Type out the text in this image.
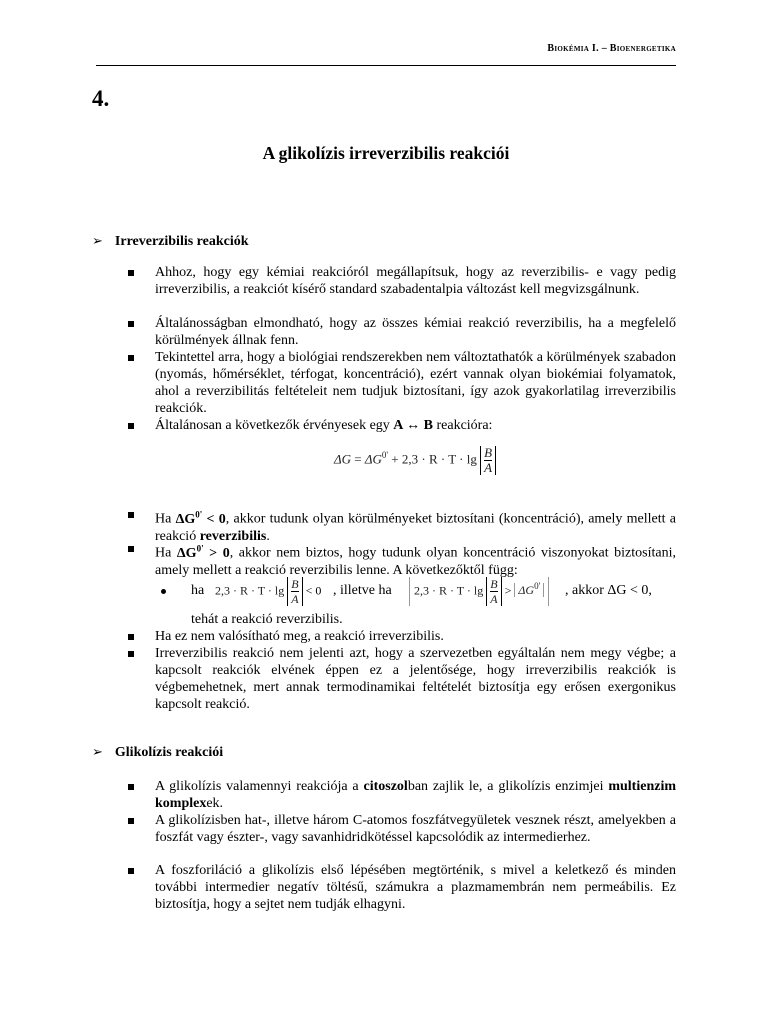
Biokémia I. – Bioenergetika
4.
A glikolízis irreverzibilis reakciói
➢ Irreverzibilis reakciók

Ahhoz, hogy egy kémiai reakcióról megállapítsuk, hogy az reverzibilis- e vagy pedig irreverzibilis, a reakciót kísérő standard szabadentalpia változást kell megvizsgálnunk.

Általánosságban elmondható, hogy az összes kémiai reakció reverzibilis, ha a megfelelő körülmények állnak fenn.

Tekintettel arra, hogy a biológiai rendszerekben nem változtathatók a körülmények szabadon (nyomás, hőmérséklet, térfogat, koncentráció), ezért vannak olyan biokémiai folyamatok, ahol a reverzibilitás feltételeit nem tudjuk biztosítani, így azok gyakorlatilag irreverzibilis reakciók.

Általánosan a következők érvényesek egy A ↔ B reakcióra:

$\Delta G = \Delta G^{0'} + 2,3 \cdot R \cdot T \cdot \lg \frac{B}{A}$

Ha $\Delta G^{0'} < 0$, akkor tudunk olyan körülményeket biztosítani (koncentráció), amely mellett a reakció reverzibilis.

Ha $\Delta G^{0'} > 0$, akkor nem biztos, hogy tudunk olyan koncentráció viszonyokat biztosítani, amely mellett a reakció reverzibilis lenne. A következőktől függ:

ha $2,3 \cdot R \cdot T \cdot \lg \frac{B}{A} < 0$ , illetve ha	$2,3 \cdot R \cdot T \cdot \lg \frac{B}{A} > \Delta G^{0'}$	, akkor ΔG < 0,

tehát a reakció reverzibilis.

Ha ez nem valósítható meg, a reakció irreverzibilis.

Irreverzibilis reakció nem jelenti azt, hogy a szervezetben egyáltalán nem megy végbe; a kapcsolt reakciók elvének éppen ez a jelentősége, hogy irreverzibilis reakciók is végbemehetnek, mert annak termodinamikai feltételét biztosítja egy erősen exergonikus kapcsolt reakció.

➢ Glikolízis reakciói

A glikolízis valamennyi reakciója a citoszolban zajlik le, a glikolízis enzimjei multienzim komplexek.

A glikolízisben hat-, illetve három C-atomos foszfátvegyületek vesznek részt, amelyekben a foszfát vagy észter-, vagy savanhidridkötéssel kapcsolódik az intermedierhez.

A foszforiláció a glikolízis első lépésében megtörténik, s mivel a keletkező és minden további intermedier negatív töltésű, számukra a plazmamembrán nem permeábilis. Ez biztosítja, hogy a sejtet nem tudják elhagyni.
